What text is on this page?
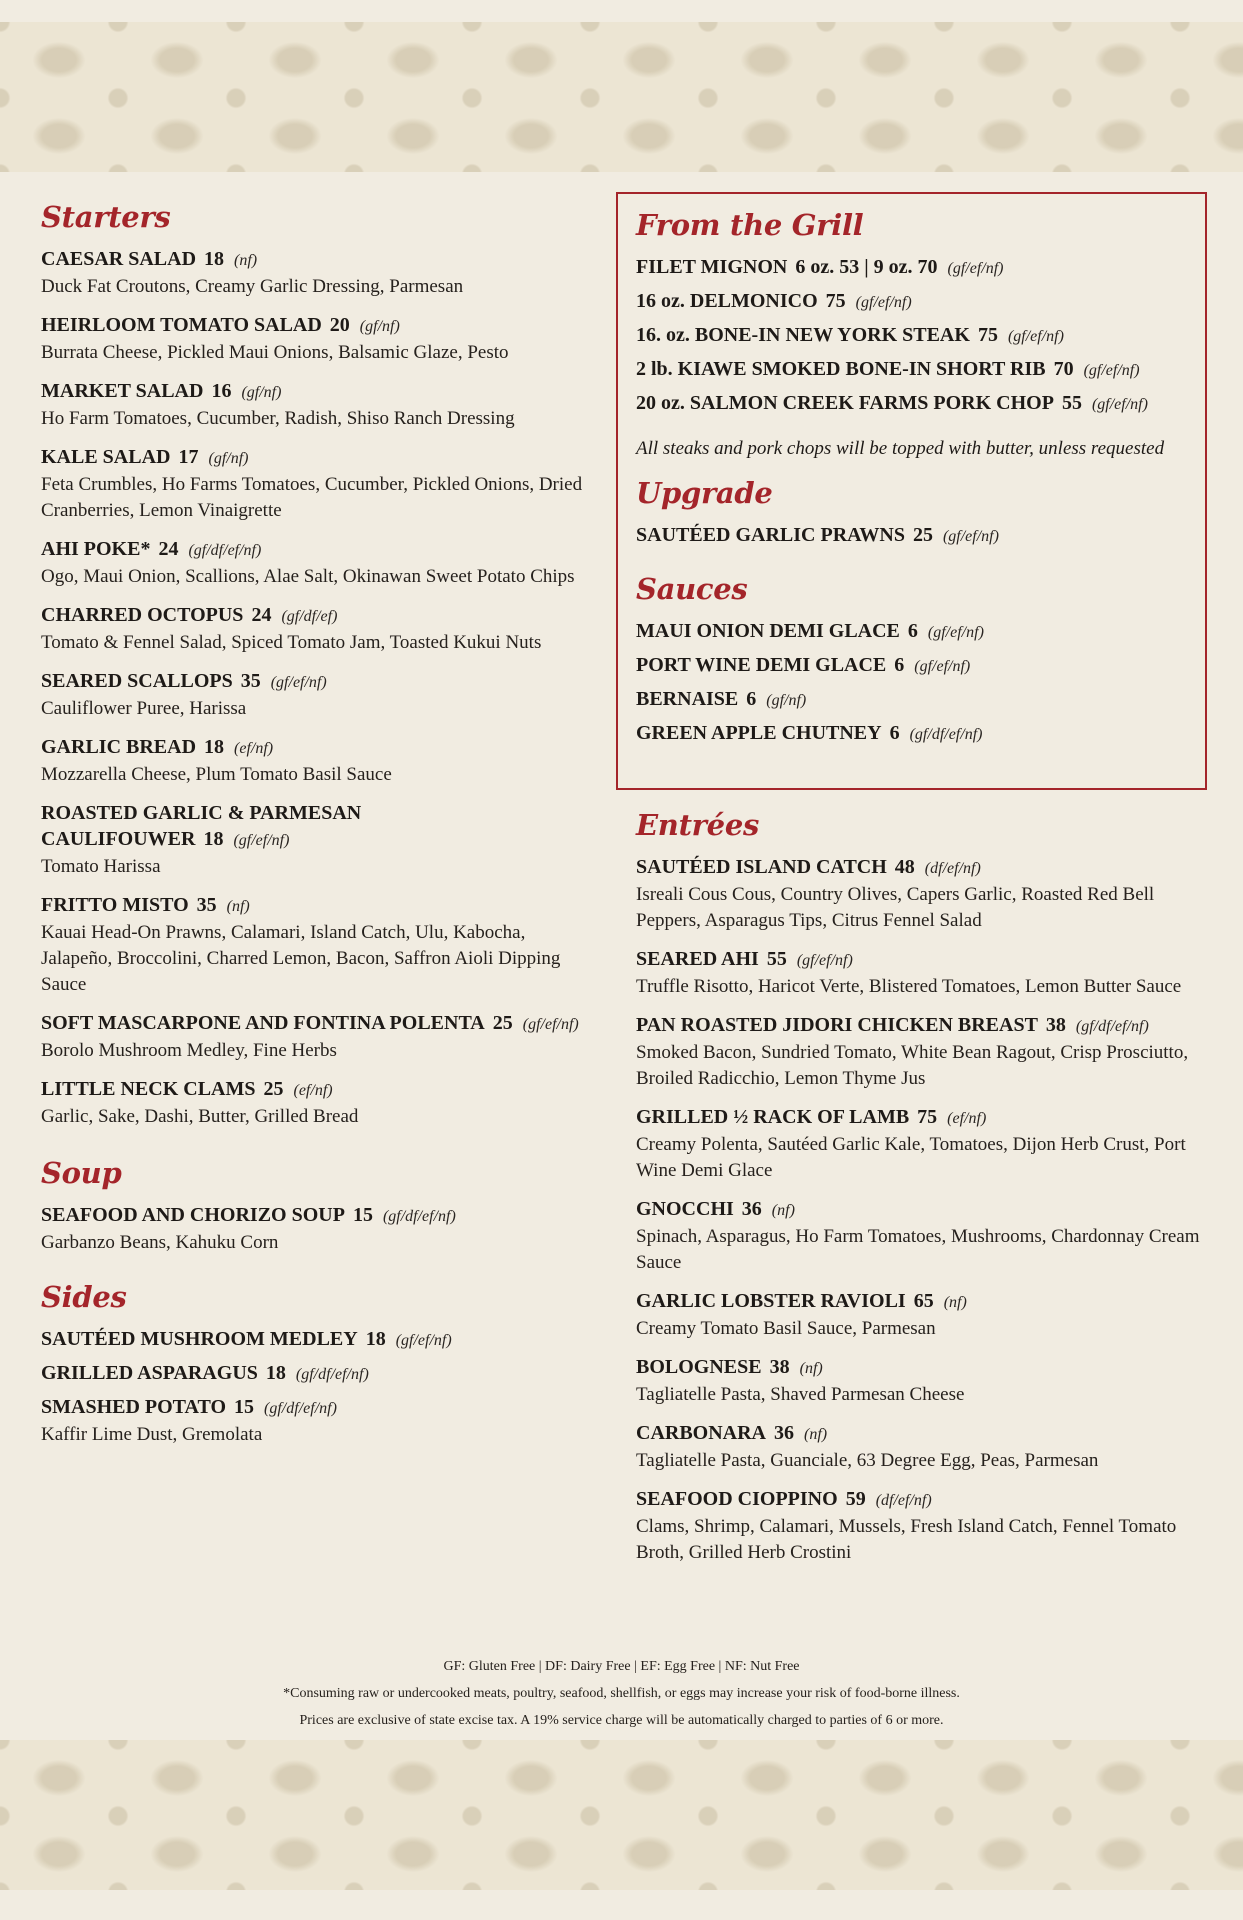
Starters
CAESAR SALAD 18 (nf)
Duck Fat Croutons, Creamy Garlic Dressing, Parmesan
HEIRLOOM TOMATO SALAD 20 (gf/nf)
Burrata Cheese, Pickled Maui Onions, Balsamic Glaze, Pesto
MARKET SALAD 16 (gf/nf)
Ho Farm Tomatoes, Cucumber, Radish, Shiso Ranch Dressing
KALE SALAD 17 (gf/nf)
Feta Crumbles, Ho Farms Tomatoes, Cucumber, Pickled Onions, Dried Cranberries, Lemon Vinaigrette
AHI POKE* 24 (gf/df/ef/nf)
Ogo, Maui Onion, Scallions, Alae Salt, Okinawan Sweet Potato Chips
CHARRED OCTOPUS 24 (gf/df/ef)
Tomato & Fennel Salad, Spiced Tomato Jam, Toasted Kukui Nuts
SEARED SCALLOPS 35 (gf/ef/nf)
Cauliflower Puree, Harissa
GARLIC BREAD 18 (ef/nf)
Mozzarella Cheese, Plum Tomato Basil Sauce
ROASTED GARLIC & PARMESAN CAULIFOUWER 18 (gf/ef/nf)
Tomato Harissa
FRITTO MISTO 35 (nf)
Kauai Head-On Prawns, Calamari, Island Catch, Ulu, Kabocha, Jalapeño, Broccolini, Charred Lemon, Bacon, Saffron Aioli Dipping Sauce
SOFT MASCARPONE AND FONTINA POLENTA 25 (gf/ef/nf)
Borolo Mushroom Medley, Fine Herbs
LITTLE NECK CLAMS 25 (ef/nf)
Garlic, Sake, Dashi, Butter, Grilled Bread
Soup
SEAFOOD AND CHORIZO SOUP 15 (gf/df/ef/nf)
Garbanzo Beans, Kahuku Corn
Sides
SAUTÉED MUSHROOM MEDLEY 18 (gf/ef/nf)
GRILLED ASPARAGUS 18 (gf/df/ef/nf)
SMASHED POTATO 15 (gf/df/ef/nf)
Kaffir Lime Dust, Gremolata
From the Grill
FILET MIGNON 6 oz. 53 | 9 oz. 70 (gf/ef/nf)
16 oz. DELMONICO 75 (gf/ef/nf)
16. oz. BONE-IN NEW YORK STEAK 75 (gf/ef/nf)
2 lb. KIAWE SMOKED BONE-IN SHORT RIB 70 (gf/ef/nf)
20 oz. SALMON CREEK FARMS PORK CHOP 55 (gf/ef/nf)
All steaks and pork chops will be topped with butter, unless requested
Upgrade
SAUTÉED GARLIC PRAWNS 25 (gf/ef/nf)
Sauces
MAUI ONION DEMI GLACE 6 (gf/ef/nf)
PORT WINE DEMI GLACE 6 (gf/ef/nf)
BERNAISE 6 (gf/nf)
GREEN APPLE CHUTNEY 6 (gf/df/ef/nf)
Entrées
SAUTÉED ISLAND CATCH 48 (df/ef/nf)
Isreali Cous Cous, Country Olives, Capers Garlic, Roasted Red Bell Peppers, Asparagus Tips, Citrus Fennel Salad
SEARED AHI 55 (gf/ef/nf)
Truffle Risotto, Haricot Verte, Blistered Tomatoes, Lemon Butter Sauce
PAN ROASTED JIDORI CHICKEN BREAST 38 (gf/df/ef/nf)
Smoked Bacon, Sundried Tomato, White Bean Ragout, Crisp Prosciutto, Broiled Radicchio, Lemon Thyme Jus
GRILLED ½ RACK OF LAMB 75 (ef/nf)
Creamy Polenta, Sautéed Garlic Kale, Tomatoes, Dijon Herb Crust, Port Wine Demi Glace
GNOCCHI 36 (nf)
Spinach, Asparagus, Ho Farm Tomatoes, Mushrooms, Chardonnay Cream Sauce
GARLIC LOBSTER RAVIOLI 65 (nf)
Creamy Tomato Basil Sauce, Parmesan
BOLOGNESE 38 (nf)
Tagliatelle Pasta, Shaved Parmesan Cheese
CARBONARA 36 (nf)
Tagliatelle Pasta, Guanciale, 63 Degree Egg, Peas, Parmesan
SEAFOOD CIOPPINO 59 (df/ef/nf)
Clams, Shrimp, Calamari, Mussels, Fresh Island Catch, Fennel Tomato Broth, Grilled Herb Crostini
GF: Gluten Free | DF: Dairy Free | EF: Egg Free | NF: Nut Free
*Consuming raw or undercooked meats, poultry, seafood, shellfish, or eggs may increase your risk of food-borne illness.
Prices are exclusive of state excise tax. A 19% service charge will be automatically charged to parties of 6 or more.
